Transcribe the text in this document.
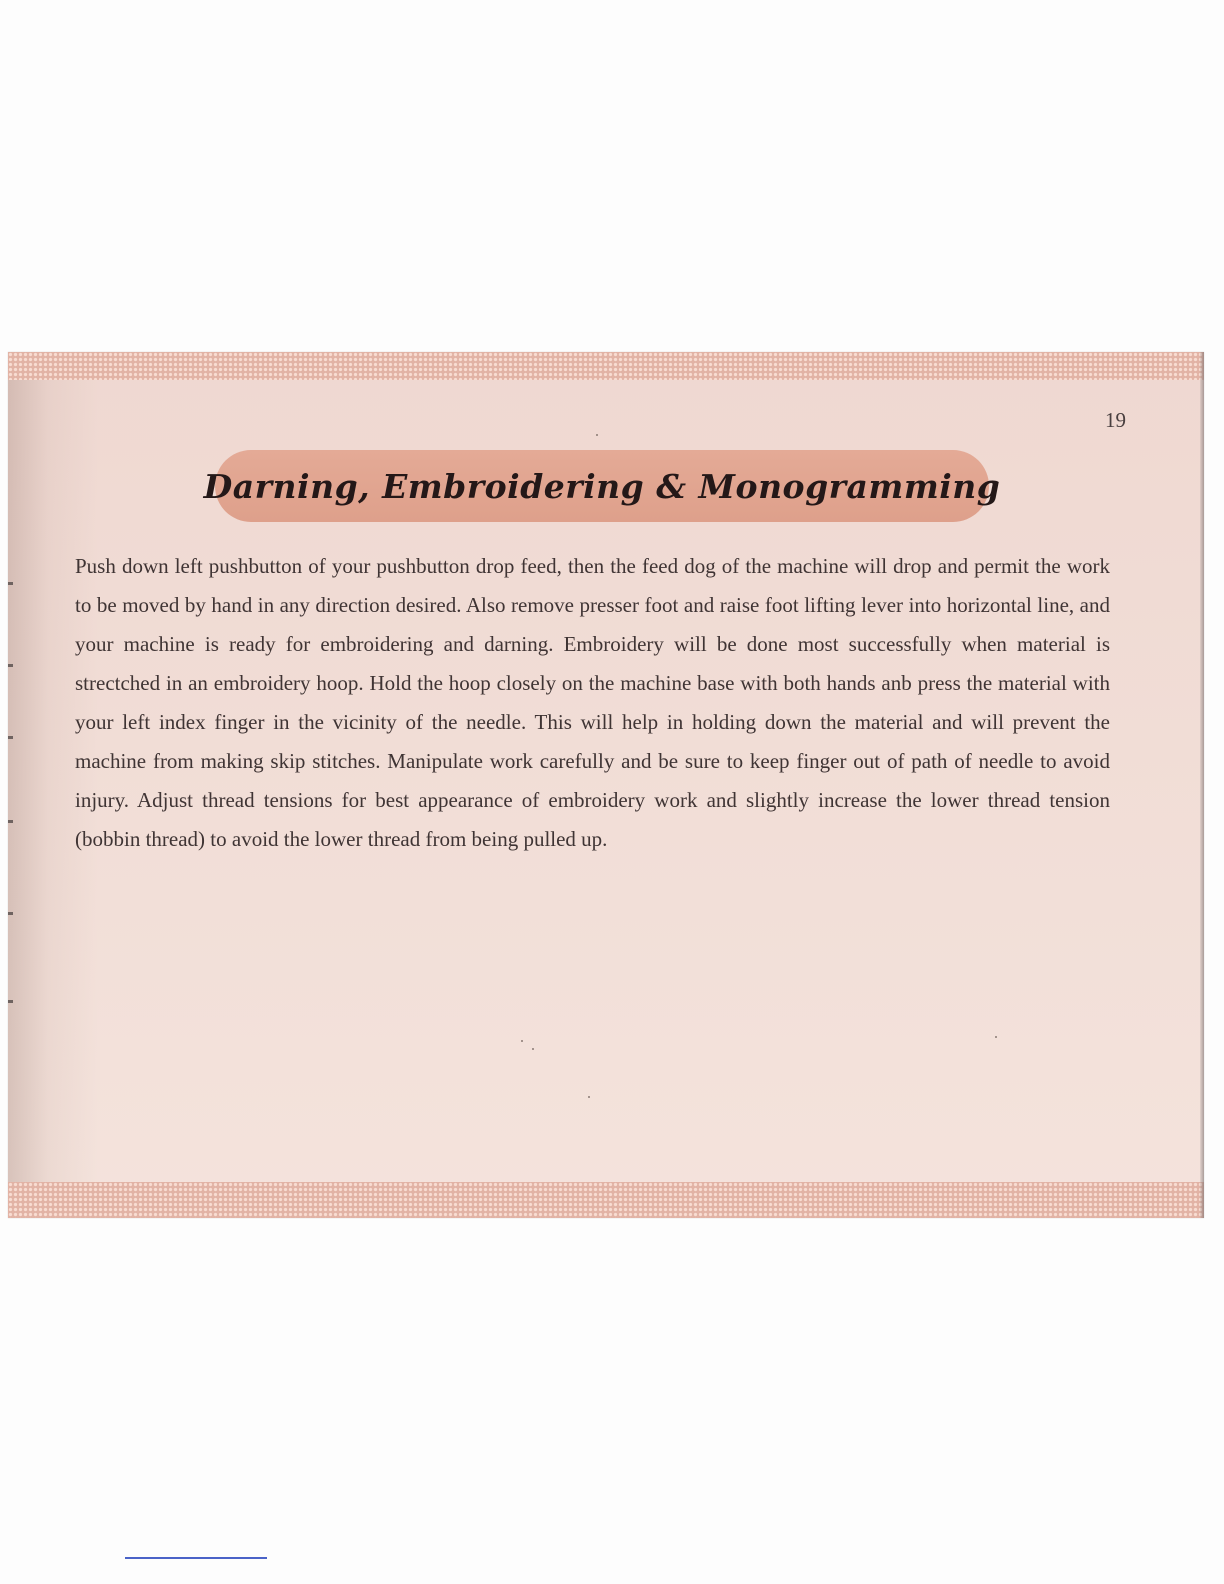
19
Darning, Embroidering & Monogramming

Push down left pushbutton of your pushbutton drop feed, then the feed dog of the machine will drop and permit the work to be moved by hand in any direction desired. Also remove presser foot and raise foot lifting lever into horizontal line, and your machine is ready for embroidering and darning. Embroidery will be done most successfully when material is strectched in an embroidery hoop. Hold the hoop closely on the machine base with both hands anb press the material with your left index finger in the vicinity of the needle. This will help in holding down the material and will prevent the machine from making skip stitches. Manipulate work carefully and be sure to keep finger out of path of needle to avoid injury. Adjust thread tensions for best appearance of embroidery work and slightly increase the lower thread tension (bobbin thread) to avoid the lower thread from being pulled up.
